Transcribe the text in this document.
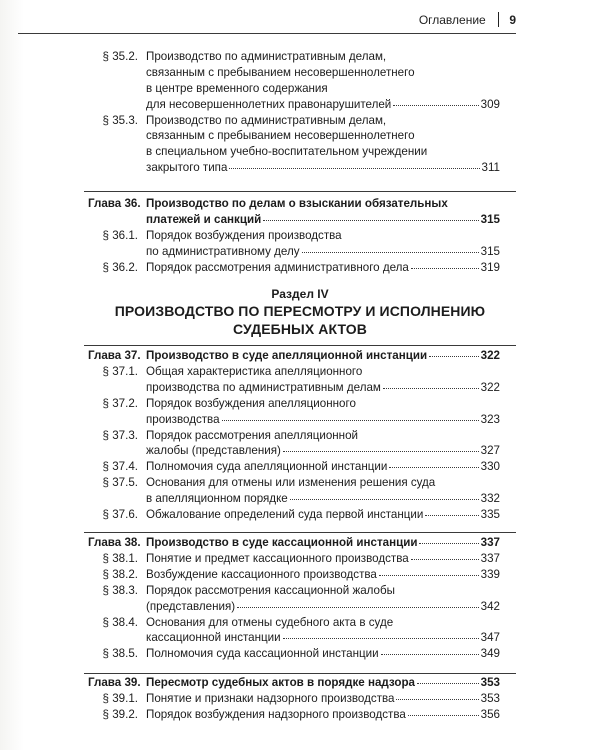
Оглавление 9
§ 35.2. Производство по административным делам,
связанным с пребыванием несовершеннолетнего
в центре временного содержания
для несовершеннолетних правонарушителей	309
§ 35.3. Производство по административным делам,
связанным с пребыванием несовершеннолетнего
в специальном учебно-воспитательном учреждении
закрытого типа	311
Глава 36. Производство по делам о взыскании обязательных
платежей и санкций	315
§ 36.1. Порядок возбуждения производства
по административному делу	315
§ 36.2. Порядок рассмотрения административного дела	319
Глава 37. Производство в суде апелляционной инстанции	322
§ 37.1. Общая характеристика апелляционного
производства по административным делам	322
§ 37.2. Порядок возбуждения апелляционного
производства	323
§ 37.3. Порядок рассмотрения апелляционной
жалобы (представления)	327
§ 37.4. Полномочия суда апелляционной инстанции	330
§ 37.5. Основания для отмены или изменения решения суда
в апелляционном порядке	332
§ 37.6. Обжалование определений суда первой инстанции	335
Глава 38. Производство в суде кассационной инстанции	337
§ 38.1. Понятие и предмет кассационного производства	337
§ 38.2. Возбуждение кассационного производства	339
§ 38.3. Порядок рассмотрения кассационной жалобы
(представления)	342
§ 38.4. Основания для отмены судебного акта в суде
кассационной инстанции	347
§ 38.5. Полномочия суда кассационной инстанции	349
Глава 39. Пересмотр судебных актов в порядке надзора	353
§ 39.1. Понятие и признаки надзорного производства	353
§ 39.2. Порядок возбуждения надзорного производства	356
Раздел IV
ПРОИЗВОДСТВО ПО ПЕРЕСМОТРУ И ИСПОЛНЕНИЮ
СУДЕБНЫХ АКТОВ
